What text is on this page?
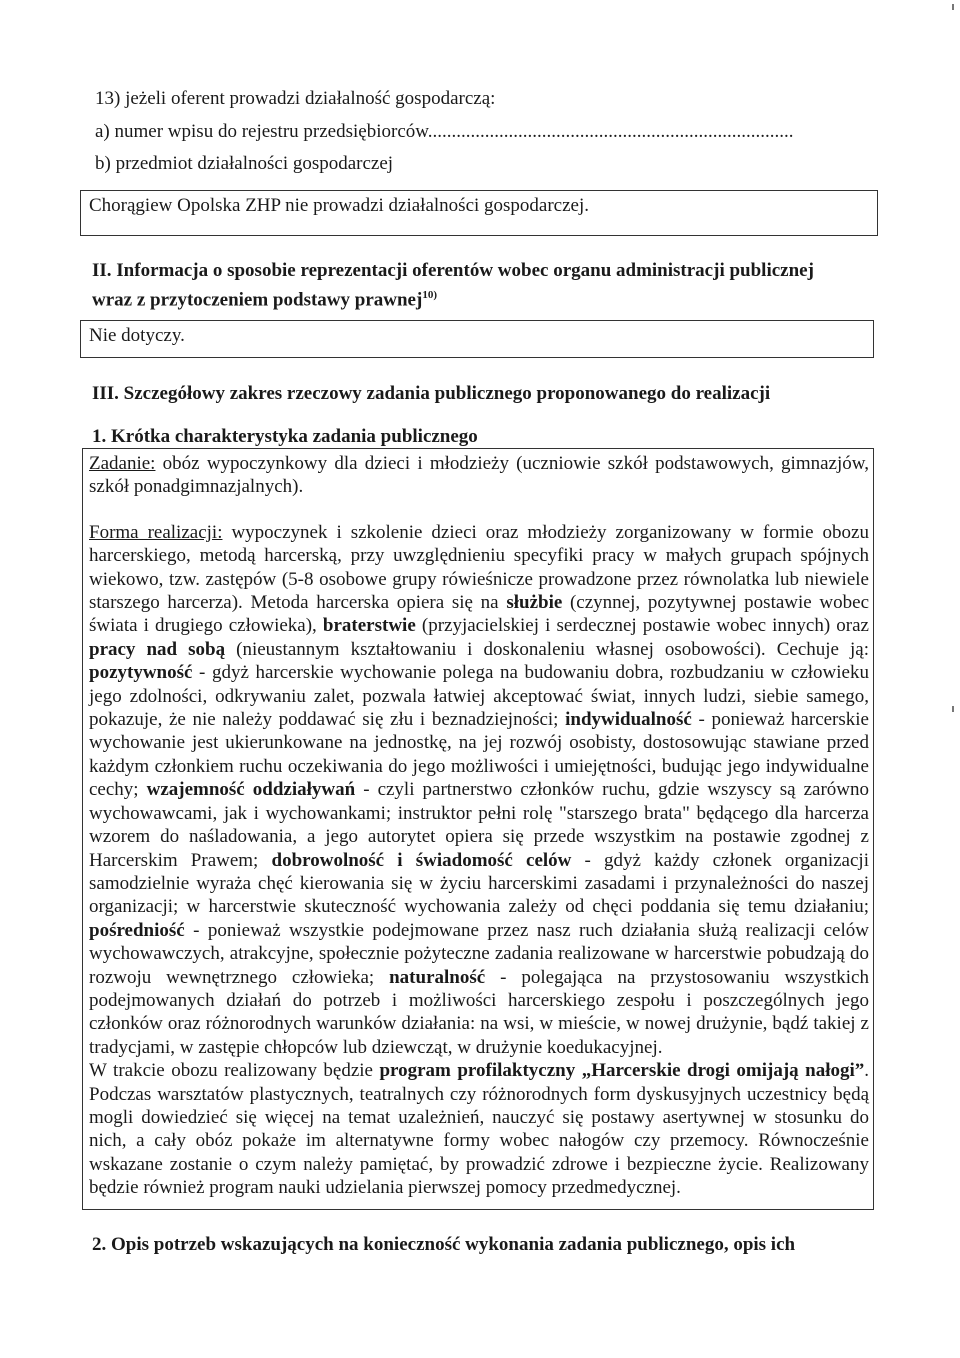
13) jeżeli oferent prowadzi działalność gospodarczą:
a) numer wpisu do rejestru przedsiębiorców.............................................................................
b) przedmiot działalności gospodarczej
Chorągiew Opolska ZHP nie prowadzi działalności gospodarczej.
II. Informacja o sposobie reprezentacji oferentów wobec organu administracji publicznej
wraz z przytoczeniem podstawy prawnej$^{10)}$
Nie dotyczy.
III. Szczegółowy zakres rzeczowy zadania publicznego proponowanego do realizacji
1. Krótka charakterystyka zadania publicznego

Zadanie: obóz wypoczynkowy dla dzieci i młodzieży (uczniowie szkół podstawowych, gimnazjów, szkół ponadgimnazjalnych).

Forma realizacji: wypoczynek i szkolenie dzieci oraz młodzieży zorganizowany w formie obozu harcerskiego, metodą harcerską, przy uwzględnieniu specyfiki pracy w małych grupach spójnych wiekowo, tzw. zastępów (5-8 osobowe grupy rówieśnicze prowadzone przez równolatka lub niewiele starszego harcerza). Metoda harcerska opiera się na służbie (czynnej, pozytywnej postawie wobec świata i drugiego człowieka), braterstwie (przyjacielskiej i serdecznej postawie wobec innych) oraz pracy nad sobą (nieustannym kształtowaniu i doskonaleniu własnej osobowości). Cechuje ją: pozytywność - gdyż harcerskie wychowanie polega na budowaniu dobra, rozbudzaniu w człowieku jego zdolności, odkrywaniu zalet, pozwala łatwiej akceptować świat, innych ludzi, siebie samego, pokazuje, że nie należy poddawać się złu i beznadziejności; indywidualność - ponieważ harcerskie wychowanie jest ukierunkowane na jednostkę, na jej rozwój osobisty, dostosowując stawiane przed każdym członkiem ruchu oczekiwania do jego możliwości i umiejętności, budując jego indywidualne cechy; wzajemność oddziaływań - czyli partnerstwo członków ruchu, gdzie wszyscy są zarówno wychowawcami, jak i wychowankami; instruktor pełni rolę "starszego brata" będącego dla harcerza wzorem do naśladowania, a jego autorytet opiera się przede wszystkim na postawie zgodnej z Harcerskim Prawem; dobrowolność i świadomość celów - gdyż każdy członek organizacji samodzielnie wyraża chęć kierowania się w życiu harcerskimi zasadami i przynależności do naszej organizacji; w harcerstwie skuteczność wychowania zależy od chęci poddania się temu działaniu; pośredniość - ponieważ wszystkie podejmowane przez nasz ruch działania służą realizacji celów wychowawczych, atrakcyjne, społecznie pożyteczne zadania realizowane w harcerstwie pobudzają do rozwoju wewnętrznego człowieka; naturalność - polegająca na przystosowaniu wszystkich podejmowanych działań do potrzeb i możliwości harcerskiego zespołu i poszczególnych jego członków oraz różnorodnych warunków działania: na wsi, w mieście, w nowej drużynie, bądź takiej z tradycjami, w zastępie chłopców lub dziewcząt, w drużynie koedukacyjnej.

W trakcie obozu realizowany będzie program profilaktyczny „Harcerskie drogi omijają nałogi”. Podczas warsztatów plastycznych, teatralnych czy różnorodnych form dyskusyjnych uczestnicy będą mogli dowiedzieć się więcej na temat uzależnień, nauczyć się postawy asertywnej w stosunku do nich, a cały obóz pokaże im alternatywne formy wobec nałogów czy przemocy. Równocześnie wskazane zostanie o czym należy pamiętać, by prowadzić zdrowe i bezpieczne życie. Realizowany będzie również program nauki udzielania pierwszej pomocy przedmedycznej.

2. Opis potrzeb wskazujących na konieczność wykonania zadania publicznego, opis ich
